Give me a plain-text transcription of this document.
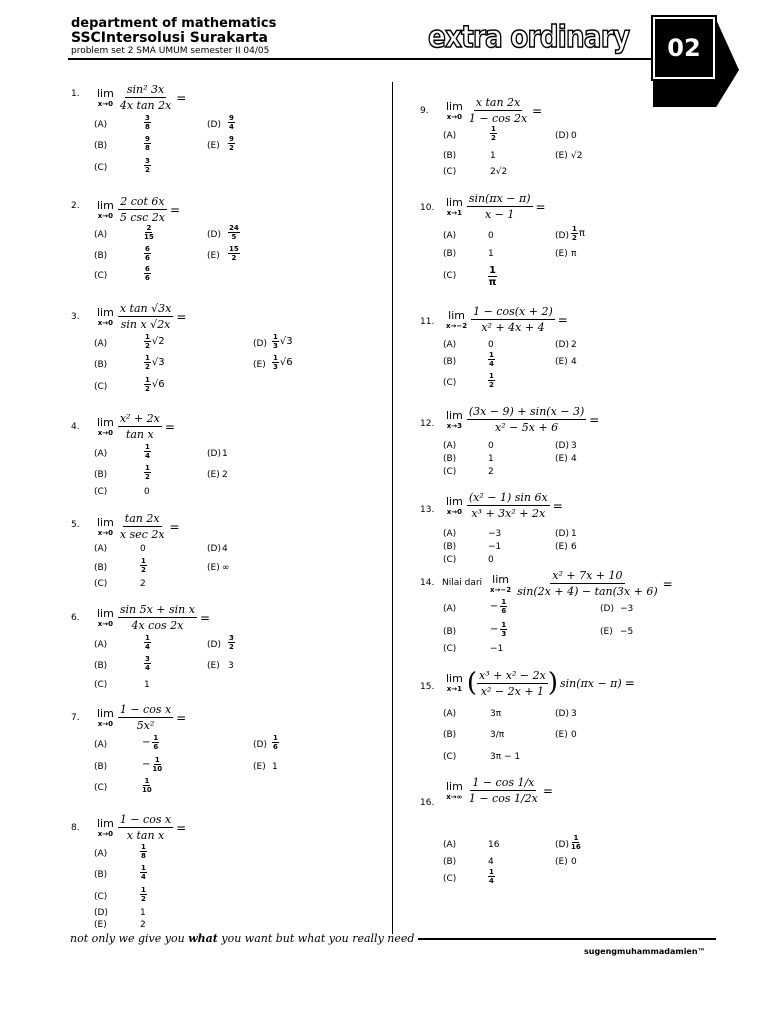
department of mathematics
SSCIntersolusi Surakarta
problem set 2 SMA UMUM semester II 04/05	extra ordinary	02
1. lim
$x\to 0 \frac{\text{sin² 3x}}{\text{4x tan 2x}}$ =
(A)	$\frac{3}{8}$
(B)	$\frac{9}{8}$
(C)	$\frac{3}{2}$
$(D) \frac{9}{4}$
$(E) \frac{9}{2}$
2. lim
$x\to 0 \frac{2 \cot 6x}{5 \csc 2x}$ =
(A)	$\frac{2}{15}$
(B)	$\frac{6}{6}$
(C)	$\frac{6}{6}$
$(D) \frac{24}{5}$
$(E) \frac{15}{2}$
3. lim
$x\to 0 \frac{\text{x tan √3x}}{\text{sin x √2x}}$ =
(A)	$\frac{1}{2} √2$
(B)	$\frac{1}{2} √3$
(C)	$\frac{1}{2} √6$
$(D) \frac{1}{3} √3$
$(E) \frac{1}{3} √6$
4. lim
$x\to 0 \frac{\text{x² + 2x}}{\text{tan x}}$ =
(A)	$\frac{1}{4}$
(B)	$\frac{1}{2}$
(C)	0
(D) 1
(E) 2
5. lim
$x\to 0 \frac{\tan 2x}{\text{x sec 2x}}$ =
(A)	0
(B)	$\frac{1}{2}$
(C)	2
(D) 4
(E) ∞
6. lim
$x\to 0 \frac{\text{sin 5x + sin x}}{\text{4x cos 2x}}$ =
(A)	$\frac{1}{4}$
(B)	$\frac{3}{4}$
(C)	1
$(D) \frac{3}{2}$
(E) 3
7. lim
$x\to 0 \frac{\text{1 − cos x}}{\text{5x²}}$ =
(A)	− $\frac{1}{6}$
(B)	− $\frac{1}{10}$
(C)	$\frac{1}{10}$
$(D) \frac{1}{6}$
(E) 1
8. lim
$x\to 0 \frac{\text{1 − cos x}}{\text{x tan x}}$ =
(A)	$\frac{1}{8}$
(B)	$\frac{1}{4}$
(C)	$\frac{1}{2}$
(D)	1
(E)	2
9. lim
$x\to 0 \frac{\text{x tan 2x}}{1 - \cos 2x}$ =
(A)	$\frac{1}{2}$
(B)	1
(C)	2√2
(D) 0
(E) √2
10. lim
$x\to 1 \frac{\sin(\pi x - \pi)}{x - 1}$ =
(A)	0
(B)	1
(C)	$\frac{1}{\pi}$
$(D) \frac{1}{2}$ π
(E) π
11.
lim
$x\to-2 \frac{1 - \cos(x + 2)}{\text{x² + 4x + 4}}$ =
(A)	0
(B)	$\frac{1}{4}$
(C)	$\frac{1}{2}$
(D) 2
(E) 4
12.
lim
$x\to 3 \frac{(3x - 9) + \sin(x - 3)}{\text{x² − 5x + 6}}$ =
(A)	0
(B)	1
(C)	2
(D) 3
(E) 4
13.
lim
$x\to 0 \frac{\text{(x² − 1) sin 6x}}{\text{x³ + 3x² + 2x}}$ =
(A)	−3
(B)	−1
(C)	0
(D) 1
(E) 6
14. Nilai dari lim
$x\to-2 \frac{\text{x² + 7x + 10}}{\sin(2x + 4) - \tan(3x + 6)}$ =
(A)	− $\frac{1}{6}$
(B)	− $\frac{1}{3}$
(C)	−1
(D) −3
(E) −5
15.
lim
x→1 ( $\frac{\text{x³ + x² − 2x}}{\text{x² − 2x + 1}}$ ) sin(πx − π) =
(A)	3π
(B)	3/π
(C)	3π − 1
(D) 3
(E) 0
16.
lim
$x\to\infty \frac{1 - \cos 1/x}{1 - \cos 1/2x}$ =
(A)	16
(B)	4
(C)	$\frac{1}{4}$
$(D) \frac{1}{16}$
(E) 0
not only we give you what you want but what you really need
sugengmuhammadamien™
